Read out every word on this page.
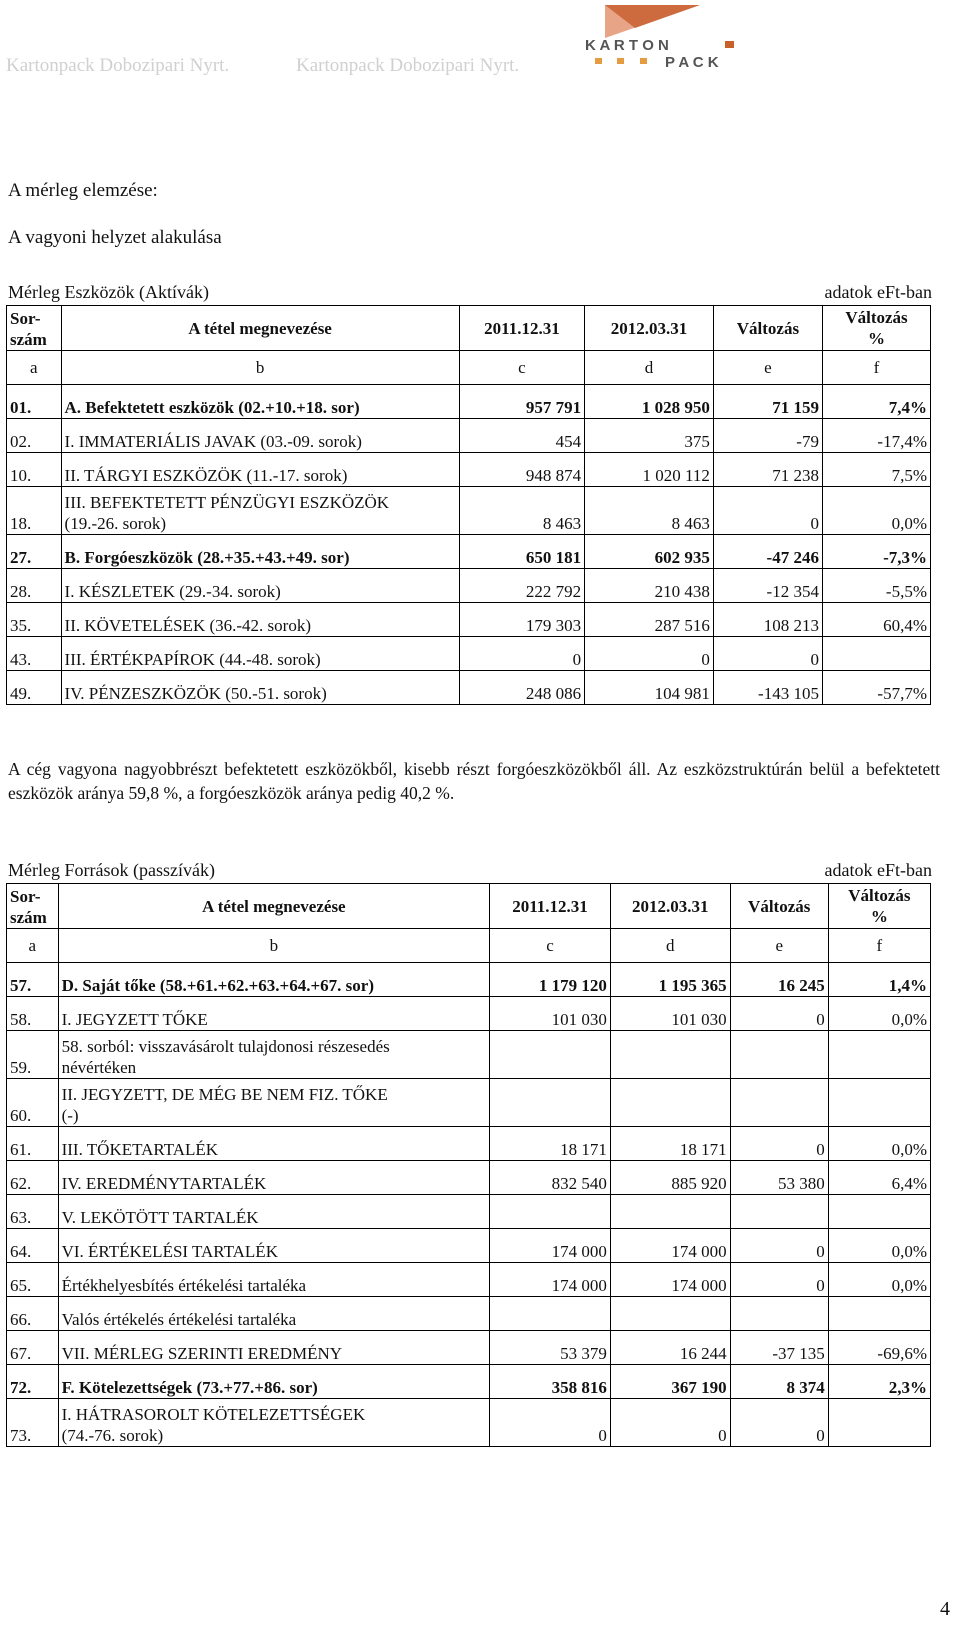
Kartonpack Dobozipari Nyrt.	Kartonpack Dobozipari Nyrt.
K A R T O N
P A C K
A mérleg elemzése:
A vagyoni helyzet alakulása
Mérleg Eszközök (Aktívák)	adatok eFt-ban
Sor-
szám	A tétel megnevezése	2011.12.31	2012.03.31	Változás	Változás
%
a	b	c	d	e	f
01.	A. Befektetett eszközök (02.+10.+18. sor)	957 791	1 028 950	71 159	7,4%
02.	I. IMMATERIÁLIS JAVAK (03.-09. sorok)	454	375	-79	-17,4%
10.	II. TÁRGYI ESZKÖZÖK (11.-17. sorok)	948 874	1 020 112	71 238	7,5%
18.	III. BEFEKTETETT PÉNZÜGYI ESZKÖZÖK
(19.-26. sorok)	8 463	8 463	0	0,0%
27.	B. Forgóeszközök (28.+35.+43.+49. sor)	650 181	602 935	-47 246	-7,3%
28.	I. KÉSZLETEK (29.-34. sorok)	222 792	210 438	-12 354	-5,5%
35.	II. KÖVETELÉSEK (36.-42. sorok)	179 303	287 516	108 213	60,4%
43.	III. ÉRTÉKPAPÍROK (44.-48. sorok)	0	0	0	
49.	IV. PÉNZESZKÖZÖK (50.-51. sorok)	248 086	104 981	-143 105	-57,7%
A cég vagyona nagyobbrészt befektetett eszközökből, kisebb részt forgóeszközökből áll. Az eszközstruktúrán belül a befektetett eszközök aránya 59,8 %, a forgóeszközök aránya pedig 40,2 %.
Mérleg Források (passzívák)	adatok eFt-ban
Sor-
szám	A tétel megnevezése	2011.12.31	2012.03.31	Változás	Változás
%
a	b	c	d	e	f
57.	D. Saját tőke (58.+61.+62.+63.+64.+67. sor)	1 179 120	1 195 365	16 245	1,4%
58.	I. JEGYZETT TŐKE	101 030	101 030	0	0,0%
59.	58. sorból: visszavásárolt tulajdonosi részesedés
névértéken				
60.	II. JEGYZETT, DE MÉG BE NEM FIZ. TŐKE
(-)				
61.	III. TŐKETARTALÉK	18 171	18 171	0	0,0%
62.	IV. EREDMÉNYTARTALÉK	832 540	885 920	53 380	6,4%
63.	V. LEKÖTÖTT TARTALÉK				
64.	VI. ÉRTÉKELÉSI TARTALÉK	174 000	174 000	0	0,0%
65.	Értékhelyesbítés értékelési tartaléka	174 000	174 000	0	0,0%
66.	Valós értékelés értékelési tartaléka				
67.	VII. MÉRLEG SZERINTI EREDMÉNY	53 379	16 244	-37 135	-69,6%
72.	F. Kötelezettségek (73.+77.+86. sor)	358 816	367 190	8 374	2,3%
73.	I. HÁTRASOROLT KÖTELEZETTSÉGEK
(74.-76. sorok)	0	0	0	
4
